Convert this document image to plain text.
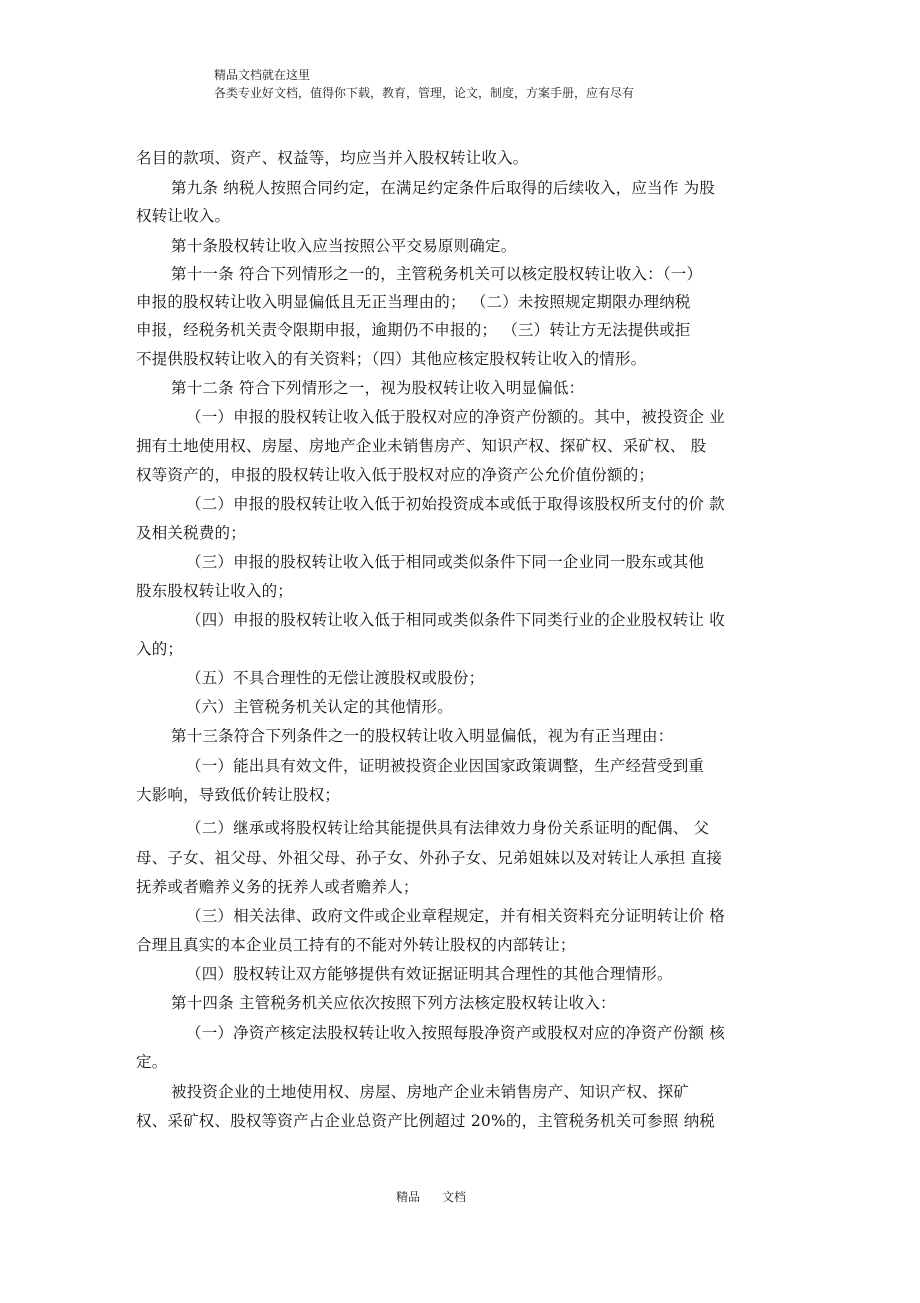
精品文档就在这里
各类专业好文档，值得你下载，教育，管理，论文，制度，方案手册，应有尽有
名目的款项、资产、权益等，均应当并入股权转让收入。
第九条 纳税人按照合同约定，在满足约定条件后取得的后续收入，应当作 为股
权转让收入。
第十条股权转让收入应当按照公平交易原则确定。
第十一条 符合下列情形之一的，主管税务机关可以核定股权转让收入：（一）
申报的股权转让收入明显偏低且无正当理由的； （二）未按照规定期限办理纳税
申报，经税务机关责令限期申报，逾期仍不申报的； （三）转让方无法提供或拒
不提供股权转让收入的有关资料；（四）其他应核定股权转让收入的情形。
第十二条 符合下列情形之一，视为股权转让收入明显偏低：
（一）申报的股权转让收入低于股权对应的净资产份额的。其中，被投资企 业
拥有土地使用权、房屋、房地产企业未销售房产、知识产权、探矿权、采矿权、 股
权等资产的，申报的股权转让收入低于股权对应的净资产公允价值份额的；
（二）申报的股权转让收入低于初始投资成本或低于取得该股权所支付的价 款
及相关税费的；
（三）申报的股权转让收入低于相同或类似条件下同一企业同一股东或其他
股东股权转让收入的；
（四）申报的股权转让收入低于相同或类似条件下同类行业的企业股权转让 收
入的；
（五）不具合理性的无偿让渡股权或股份；
（六）主管税务机关认定的其他情形。
第十三条符合下列条件之一的股权转让收入明显偏低，视为有正当理由：
（一）能出具有效文件，证明被投资企业因国家政策调整，生产经营受到重
大影响，导致低价转让股权；
（二）继承或将股权转让给其能提供具有法律效力身份关系证明的配偶、 父
母、子女、祖父母、外祖父母、孙子女、外孙子女、兄弟姐妹以及对转让人承担 直接
抚养或者赡养义务的抚养人或者赡养人；
（三）相关法律、政府文件或企业章程规定，并有相关资料充分证明转让价 格
合理且真实的本企业员工持有的不能对外转让股权的内部转让；
（四）股权转让双方能够提供有效证据证明其合理性的其他合理情形。
第十四条 主管税务机关应依次按照下列方法核定股权转让收入：
（一）净资产核定法股权转让收入按照每股净资产或股权对应的净资产份额 核
定。
被投资企业的土地使用权、房屋、房地产企业未销售房产、知识产权、探矿
权、采矿权、股权等资产占企业总资产比例超过 20%的，主管税务机关可参照 纳税
精品 文档
